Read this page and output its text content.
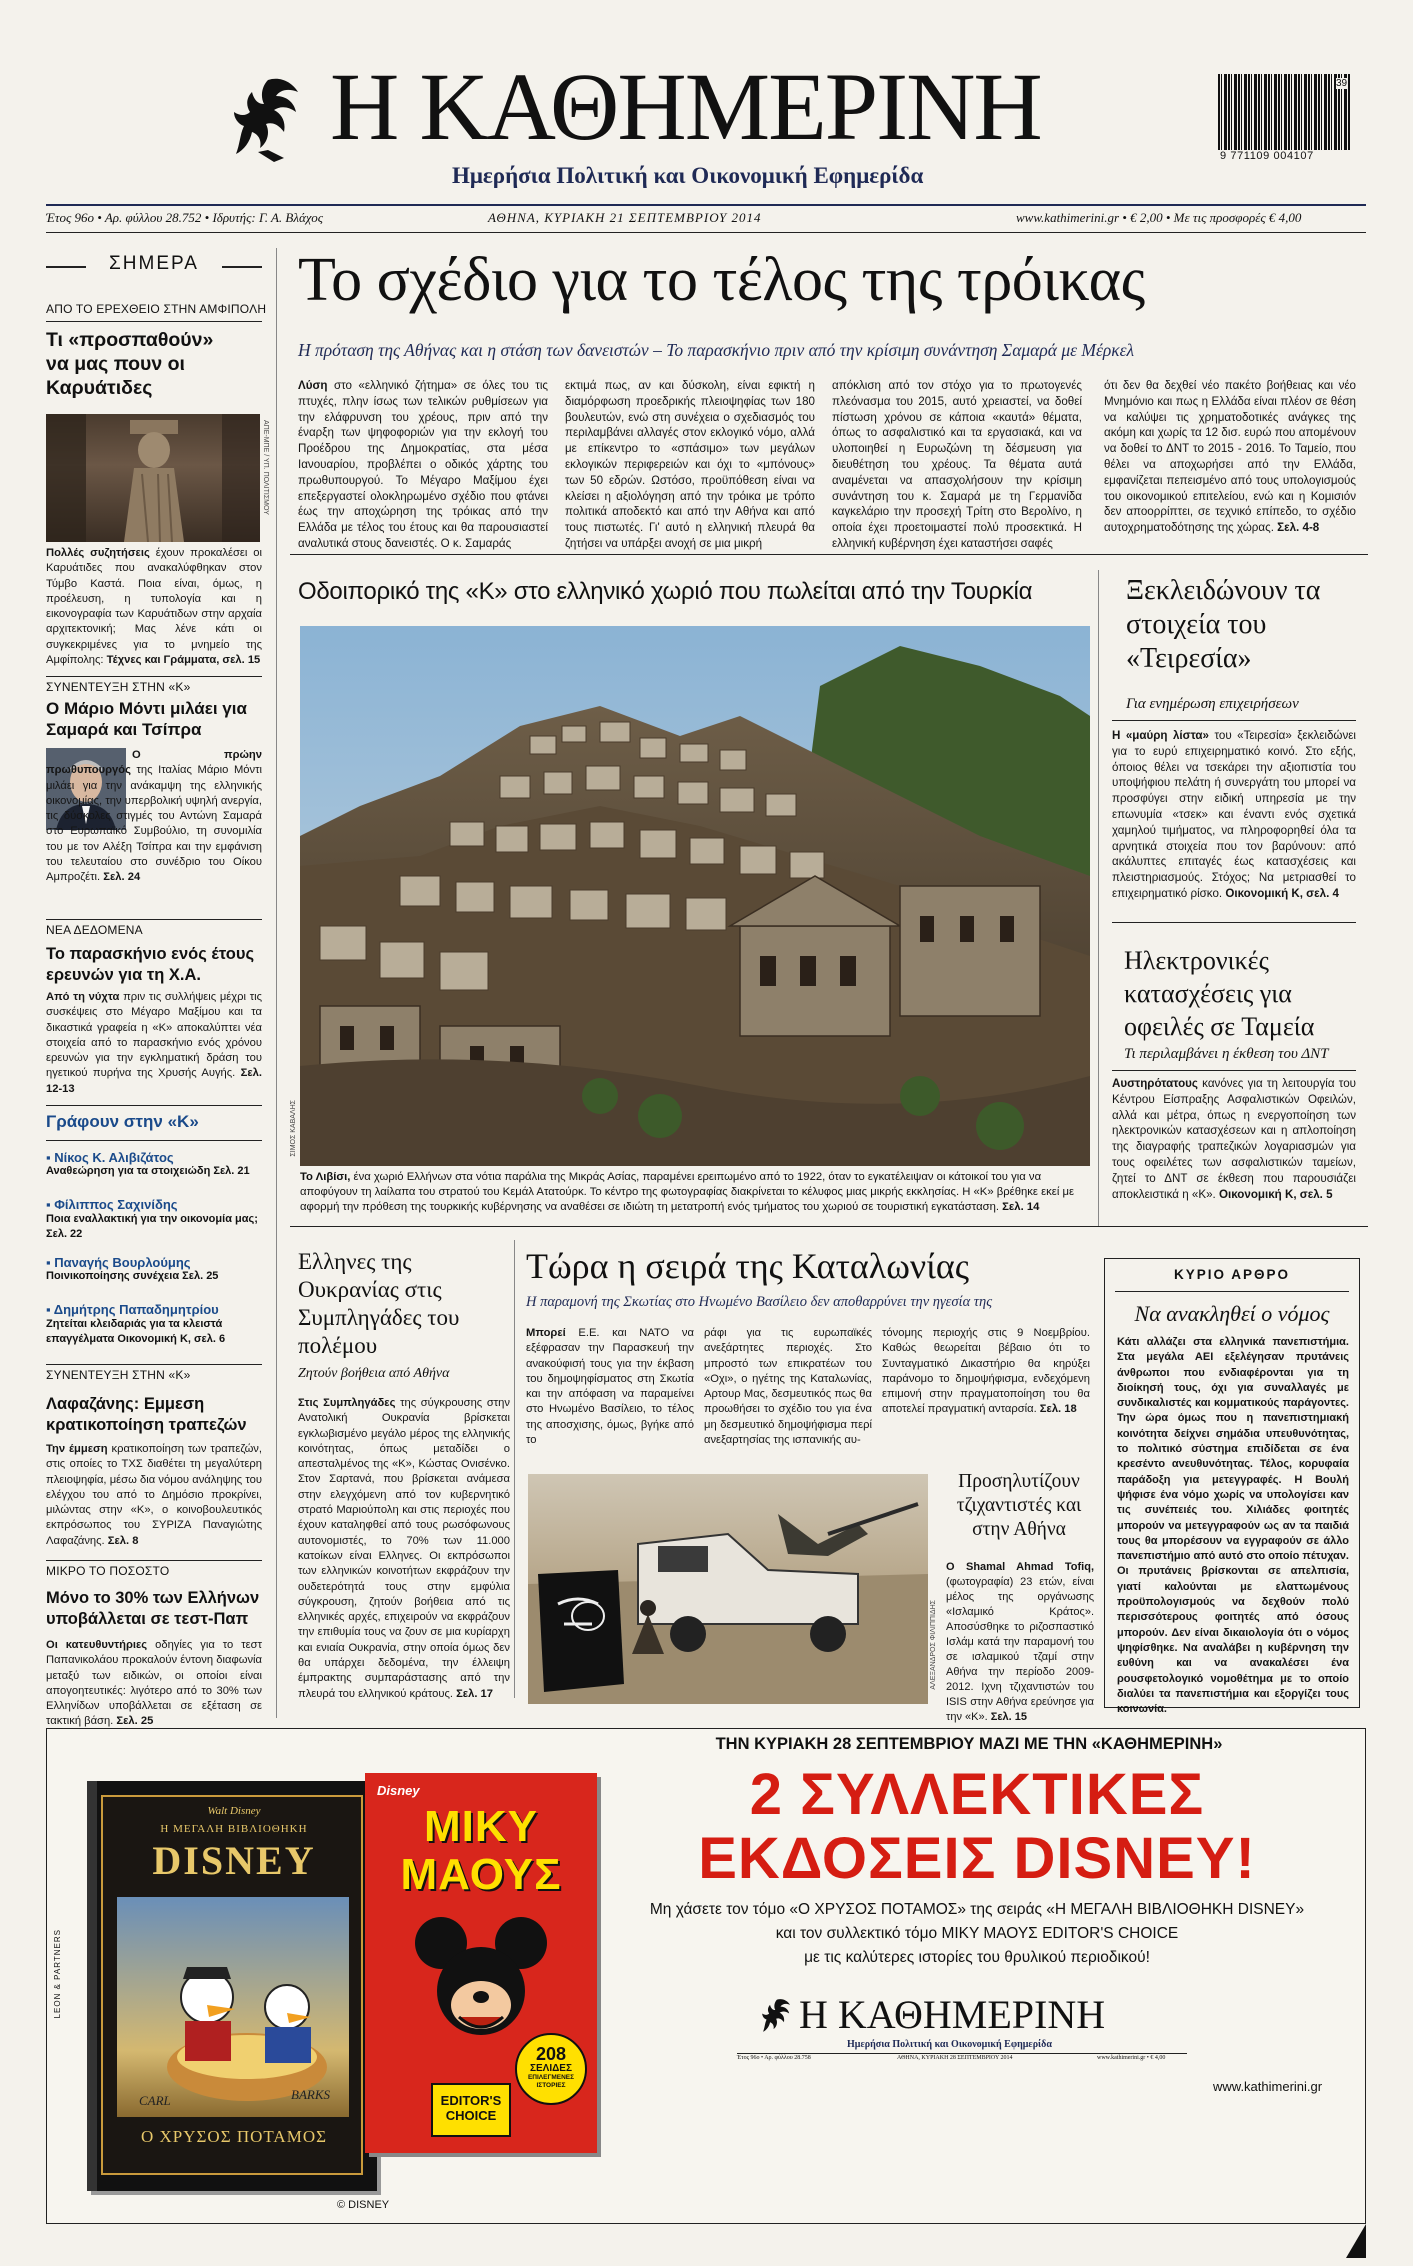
Η ΚΑΘΗΜΕΡΙΝΗ
Ημερήσια Πολιτική και Οικονομική Εφημερίδα
39
9 771109 004107
Έτος 96ο • Αρ. φύλλου 28.752 • Ιδρυτής: Γ. Α. Βλάχος	ΑΘΗΝΑ, ΚΥΡΙΑΚΗ 21 ΣΕΠΤΕΜΒΡΙΟΥ 2014	www.kathimerini.gr • € 2,00 • Με τις προσφορές € 4,00
ΣΗΜΕΡΑ
ΑΠΟ ΤΟ ΕΡΕΧΘΕΙΟ ΣΤΗΝ ΑΜΦΙΠΟΛΗ
Τι «προσπαθούν» να μας πουν οι Καρυάτιδες
ΑΠΕ-ΜΠΕ / ΥΠ. ΠΟΛΙΤΙΣΜΟΥ

Πολλές συζητήσεις έχουν προκαλέσει οι Καρυάτιδες που ανακαλύφθηκαν στον Τύμβο Καστά. Ποια είναι, όμως, η προέλευση, η τυπολογία και η εικονογραφία των Καρυάτιδων στην αρχαία αρχιτεκτονική; Μας λένε κάτι οι συγκεκριμένες για το μνημείο της Αμφίπολης: Τέχνες και Γράμματα, σελ. 15

ΣΥΝΕΝΤΕΥΞΗ ΣΤΗΝ «Κ»
Ο Μάριο Μόντι μιλάει για Σαμαρά και Τσίπρα

Ο πρώην πρωθυπουργός της Ιταλίας Μάριο Μόντι μιλάει για την ανάκαμψη της ελληνικής οικονομίας, την υπερβολική υψηλή ανεργία, τις δύσκολες στιγμές του Αντώνη Σαμαρά στο Ευρωπαϊκό Συμβούλιο, τη συνομιλία του με τον Αλέξη Τσίπρα και την εμφάνιση του τελευταίου στο συνέδριο του Οίκου Αμπροζέτι. Σελ. 24

ΝΕΑ ΔΕΔΟΜΕΝΑ
Το παρασκήνιο ενός έτους ερευνών για τη Χ.Α.

Από τη νύχτα πριν τις συλλήψεις μέχρι τις συσκέψεις στο Μέγαρο Μαξίμου και τα δικαστικά γραφεία η «Κ» αποκαλύπτει νέα στοιχεία από το παρασκήνιο ενός χρόνου ερευνών για την εγκληματική δράση του ηγετικού πυρήνα της Χρυσής Αυγής. Σελ. 12-13

Γράφουν στην «Κ»
▪ Νίκος Κ. Αλιβιζάτος
Αναθεώρηση για τα στοιχειώδη Σελ. 21
▪ Φίλιππος Σαχινίδης
Ποια εναλλακτική για την οικονομία μας; Σελ. 22
▪ Παναγής Βουρλούμης
Ποινικοποίησης συνέχεια Σελ. 25
▪ Δημήτρης Παπαδημητρίου
Ζητείται κλειδαριάς για τα κλειστά επαγγέλματα Οικονομική Κ, σελ. 6
ΣΥΝΕΝΤΕΥΞΗ ΣΤΗΝ «Κ»
Λαφαζάνης: Εμμεση κρατικοποίηση τραπεζών

Την έμμεση κρατικοποίηση των τραπεζών, στις οποίες το ΤΧΣ διαθέτει τη μεγαλύτερη πλειοψηφία, μέσω δια νόμου ανάληψης του ελέγχου του από το Δημόσιο προκρίνει, μιλώντας στην «Κ», ο κοινοβουλευτικός εκπρόσωπος του ΣΥΡΙΖΑ Παναγιώτης Λαφαζάνης. Σελ. 8

ΜΙΚΡΟ ΤΟ ΠΟΣΟΣΤΟ
Μόνο το 30% των Ελλήνων υποβάλλεται σε τεστ-Παπ

Οι κατευθυντήριες οδηγίες για το τεστ Παπανικολάου προκαλούν έντονη διαφωνία μεταξύ των ειδικών, οι οποίοι είναι απογοητευτικές: λιγότερο από το 30% των Ελληνίδων υποβάλλεται σε εξέταση σε τακτική βάση. Σελ. 25

Το σχέδιο για το τέλος της τρόικας
Η πρόταση της Αθήνας και η στάση των δανειστών – Το παρασκήνιο πριν από την κρίσιμη συνάντηση Σαμαρά με Μέρκελ

Λύση στο «ελληνικό ζήτημα» σε όλες του τις πτυχές, πλην ίσως των τελικών ρυθμίσεων για την ελάφρυνση του χρέους, πριν από την έναρξη των ψηφοφοριών για την εκλογή του Προέδρου της Δημοκρατίας, στα μέσα Ιανουαρίου, προβλέπει ο οδικός χάρτης του πρωθυπουργού. Το Μέγαρο Μαξίμου έχει επεξεργαστεί ολοκληρωμένο σχέδιο που φτάνει έως την αποχώρηση της τρόικας από την Ελλάδα με τέλος του έτους και θα παρουσιαστεί αναλυτικά στους δανειστές. Ο κ. Σαμαράς

εκτιμά πως, αν και δύσκολη, είναι εφικτή η διαμόρφωση προεδρικής πλειοψηφίας των 180 βουλευτών, ενώ στη συνέχεια ο σχεδιασμός του περιλαμβάνει αλλαγές στον εκλογικό νόμο, αλλά με επίκεντρο το «σπάσιμο» των μεγάλων εκλογικών περιφερειών και όχι το «μπόνους» των 50 εδρών. Ωστόσο, προϋπόθεση είναι να κλείσει η αξιολόγηση από την τρόικα με τρόπο πολιτικά αποδεκτό και από την Αθήνα και από τους πιστωτές. Γι' αυτό η ελληνική πλευρά θα ζητήσει να υπάρξει ανοχή σε μια μικρή

απόκλιση από τον στόχο για το πρωτογενές πλεόνασμα του 2015, αυτό χρειαστεί, να δοθεί πίστωση χρόνου σε κάποια «καυτά» θέματα, όπως το ασφαλιστικό και τα εργασιακά, και να υλοποιηθεί η Ευρωζώνη τη δέσμευση για διευθέτηση του χρέους. Τα θέματα αυτά αναμένεται να απασχολήσουν την κρίσιμη συνάντηση του κ. Σαμαρά με τη Γερμανίδα καγκελάριο την προσεχή Τρίτη στο Βερολίνο, η οποία έχει προετοιμαστεί πολύ προσεκτικά. Η ελληνική κυβέρνηση έχει καταστήσει σαφές

ότι δεν θα δεχθεί νέο πακέτο βοήθειας και νέο Μνημόνιο και πως η Ελλάδα είναι πλέον σε θέση να καλύψει τις χρηματοδοτικές ανάγκες της ακόμη και χωρίς τα 12 δισ. ευρώ που απομένουν να δοθεί το ΔΝΤ το 2015 - 2016. Το Ταμείο, που θέλει να αποχωρήσει από την Ελλάδα, εμφανίζεται πεπεισμένο από τους υπολογισμούς του οικονομικού επιτελείου, ενώ και η Κομισιόν δεν αποορρίπτει, σε τεχνικό επίπεδο, το σχέδιο αυτοχρηματοδότησης της χώρας. Σελ. 4-8

Οδοιπορικό της «Κ» στο ελληνικό χωριό που πωλείται από την Τουρκία
ΣΙΜΟΣ ΚΑΒΑΛΗΣ

Το Λιβίσι, ένα χωριό Ελλήνων στα νότια παράλια της Μικράς Ασίας, παραμένει ερειπωμένο από το 1922, όταν το εγκατέλειψαν οι κάτοικοί του για να αποφύγουν τη λαίλαπα του στρατού του Κεμάλ Ατατούρκ. Το κέντρο της φωτογραφίας διακρίνεται το κέλυφος μιας μικρής εκκλησίας. Η «Κ» βρέθηκε εκεί με αφορμή την πρόθεση της τουρκικής κυβέρνησης να αναθέσει σε ιδιώτη τη μετατροπή ενός τμήματος του χωριού σε τουριστική εγκατάσταση. Σελ. 14

Ξεκλειδώνουν τα στοιχεία του «Τειρεσία»
Για ενημέρωση επιχειρήσεων

Η «μαύρη λίστα» του «Τειρεσία» ξεκλειδώνει για το ευρύ επιχειρηματικό κοινό. Στο εξής, όποιος θέλει να τσεκάρει την αξιοπιστία του υποψήφιου πελάτη ή συνεργάτη του μπορεί να προσφύγει στην ειδική υπηρεσία με την επωνυμία «τσεκ» και έναντι ενός σχετικά χαμηλού τιμήματος, να πληροφορηθεί όλα τα αρνητικά στοιχεία που τον βαρύνουν: από ακάλυπτες επιταγές έως κατασχέσεις και πλειστηριασμούς. Στόχος; Να μετριασθεί το επιχειρηματικό ρίσκο. Οικονομική Κ, σελ. 4

Ηλεκτρονικές κατασχέσεις για οφειλές σε Ταμεία
Τι περιλαμβάνει η έκθεση του ΔΝΤ

Αυστηρότατους κανόνες για τη λειτουργία του Κέντρου Είσπραξης Ασφαλιστικών Οφειλών, αλλά και μέτρα, όπως η ενεργοποίηση των ηλεκτρονικών κατασχέσεων και η απλοποίηση της διαγραφής τραπεζικών λογαριασμών για τους οφειλέτες των ασφαλιστικών ταμείων, ζητεί το ΔΝΤ σε έκθεση που παρουσιάζει αποκλειστικά η «Κ». Οικονομική Κ, σελ. 5

Ελληνες της Ουκρανίας στις Συμπληγάδες του πολέμου
Ζητούν βοήθεια από Αθήνα

Στις Συμπληγάδες της σύγκρουσης στην Ανατολική Ουκρανία βρίσκεται εγκλωβισμένο μεγάλο μέρος της ελληνικής κοινότητας, όπως μεταδίδει ο απεσταλμένος της «Κ», Κώστας Ονισένκο. Στον Σαρτανά, που βρίσκεται ανάμεσα στην ελεγχόμενη από τον κυβερνητικό στρατό Μαριούπολη και στις περιοχές που έχουν καταληφθεί από τους ρωσόφωνους αυτονομιστές, το 70% των 11.000 κατοίκων είναι Ελληνες. Οι εκπρόσωποι των ελληνικών κοινοτήτων εκφράζουν την ουδετερότητά τους στην εμφύλια σύγκρουση, ζητούν βοήθεια από τις ελληνικές αρχές, επιχειρούν να εκφράζουν την επιθυμία τους να ζουν σε μια κυρίαρχη και ενιαία Ουκρανία, στην οποία όμως δεν θα υπάρχει δεδομένα, την έλλειψη έμπρακτης συμπαράστασης από την πλευρά του ελληνικού κράτους. Σελ. 17

Τώρα η σειρά της Καταλωνίας
Η παραμονή της Σκωτίας στο Ηνωμένο Βασίλειο δεν αποθαρρύνει την ηγεσία της

Μπορεί Ε.Ε. και NATO να εξέφρασαν την Παρασκευή την ανακούφισή τους για την έκβαση του δημοψηφίσματος στη Σκωτία και την απόφαση να παραμείνει στο Ηνωμένο Βασίλειο, το τέλος της αποσχισης, όμως, βγήκε από το

ράφι για τις ευρωπαϊκές ανεξάρτητες περιοχές. Στο μπροστό των επικρατέων του «Οχι», ο ηγέτης της Καταλωνίας, Αρτουρ Μας, δεσμευτικός πως θα προωθήσει το σχέδιο του για ένα μη δεσμευτικό δημοψήφισμα περί ανεξαρτησίας της ισπανικής αυ-

τόνομης περιοχής στις 9 Νοεμβρίου. Καθώς θεωρείται βέβαιο ότι το Συνταγματικό Δικαστήριο θα κηρύξει παράνομο το δημοψήφισμα, ενδεχόμενη επιμονή στην πραγματοποίηση του θα αποτελεί πραγματική ανταρσία. Σελ. 18

ΑΛΕΞΑΝΔΡΟΣ ΦΙΛΙΠΠΙΔΗΣ
Προσηλυτίζουν τζιχαντιστές και στην Αθήνα

Ο Shamal Ahmad Tofiq, (φωτογραφία) 23 ετών, είναι μέλος της οργάνωσης «Ισλαμικό Κράτος». Αποσύσθηκε το ριζοσπαστικό Ισλάμ κατά την παραμονή του σε ισλαμικού τζαμί στην Αθήνα την περίοδο 2009-2012. Ιχνη τζιχαντιστών του ISIS στην Αθήνα ερεύνησε για την «Κ». Σελ. 15

ΚΥΡΙΟ ΑΡΘΡΟ
Να ανακληθεί ο νόμος

Κάτι αλλάζει στα ελληνικά πανεπιστήμια. Στα μεγάλα ΑΕΙ εξελέγησαν πρυτάνεις άνθρωποι που ενδιαφέρονται για τη διοίκησή τους, όχι για συναλλαγές με συνδικαλιστές και κομματικούς παράγοντες. Την ώρα όμως που η πανεπιστημιακή κοινότητα δείχνει σημάδια υπευθυνότητας, το πολιτικό σύστημα επιδίδεται σε ένα κρεσέντο ανευθυνότητας. Τέλος, κορυφαία παράδοξη για μετεγγραφές. Η Βουλή ψήφισε ένα νόμο χωρίς να υπολογίσει καν τις συνέπειές του. Χιλιάδες φοιτητές μπορούν να μετεγγραφούν ως αν τα παιδιά τους θα μπορέσουν να εγγραφούν σε άλλο πανεπιστήμιο από αυτό στο οποίο πέτυχαν. Οι πρυτάνεις βρίσκονται σε απελπισία, γιατί καλούνται με ελαττωμένους προϋπολογισμούς να δεχθούν πολύ περισσότερους φοιτητές από όσους μπορούν. Δεν είναι δικαιολογία ότι ο νόμος ψηφίσθηκε. Να αναλάβει η κυβέρνηση την ευθύνη και να ανακαλέσει ένα ρουσφετολογικό νομοθέτημα με το οποίο διαλύει τα πανεπιστήμια και εξοργίζει τους κοινωνία.

Walt Disney
Η ΜΕΓΑΛΗ ΒΙΒΛΙΟΘΗΚΗ
DISNEY
CARL	BARKS
Ο ΧΡΥΣΟΣ ΠΟΤΑΜΟΣ
Disney
ΜΙΚΥ
ΜΑΟΥΣ
208
ΣΕΛΙΔΕΣ
ΕΠΙΛΕΓΜΕΝΕΣ ΙΣΤΟΡΙΕΣ
EDITOR'S
CHOICE
LEON & PARTNERS
© DISNEY
ΤΗΝ ΚΥΡΙΑΚΗ 28 ΣΕΠΤΕΜΒΡΙΟΥ ΜΑΖΙ ΜΕ ΤΗΝ «ΚΑΘΗΜΕΡΙΝΗ»
2 ΣΥΛΛΕΚΤΙΚΕΣ
ΕΚΔΟΣΕΙΣ DISNEY!
Μη χάσετε τον τόμο «Ο ΧΡΥΣΟΣ ΠΟΤΑΜΟΣ» της σειράς «Η ΜΕΓΑΛΗ ΒΙΒΛΙΟΘΗΚΗ DISNEY»
και τον συλλεκτικό τόμο ΜΙΚΥ ΜΑΟΥΣ EDITOR'S CHOICE
με τις καλύτερες ιστορίες του θρυλικού περιοδικού!
Η ΚΑΘΗΜΕΡΙΝΗ
Ημερήσια Πολιτική και Οικονομική Εφημερίδα
Έτος 96ο • Αρ. φύλλου 28.758	ΑΘΗΝΑ, ΚΥΡΙΑΚΗ 28 ΣΕΠΤΕΜΒΡΙΟΥ 2014	www.kathimerini.gr • € 4,00
www.kathimerini.gr
